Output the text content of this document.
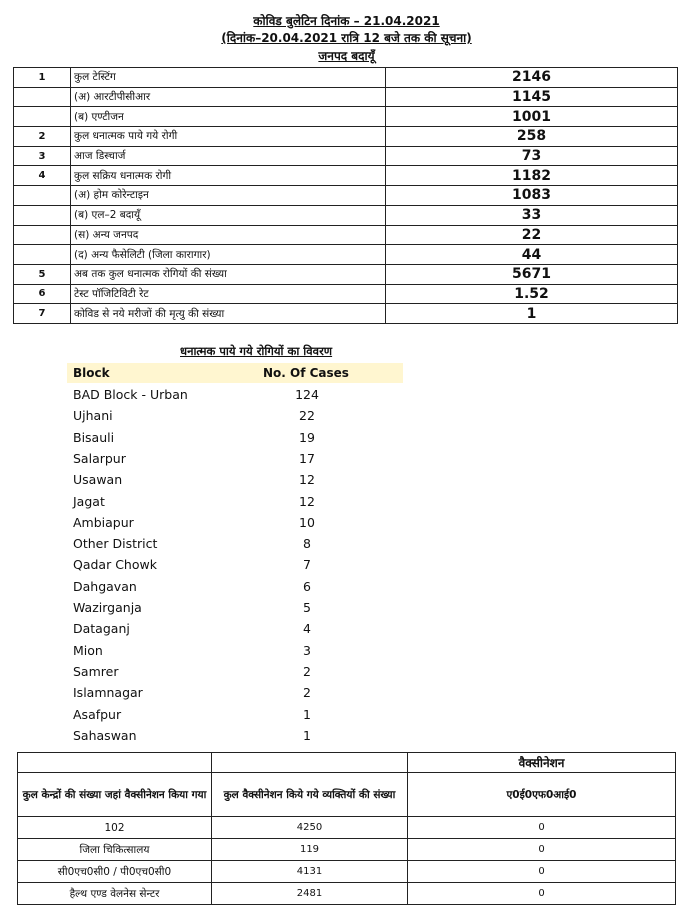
कोविड बुलेटिन दिनांक – 21.04.2021
(दिनांक–20.04.2021 रात्रि 12 बजे तक की सूचना)
जनपद बदायूँ
1	कुल टेस्टिंग	2146
	(अ) आरटीपीसीआर	1145
	(ब) एण्टीजन	1001
2	कुल धनात्मक पाये गये रोगी	258
3	आज डिस्चार्ज	73
4	कुल सक्रिय धनात्मक रोगी	1182
	(अ) होम कोरेन्टाइन	1083
	(ब) एल–2 बदायूँ	33
	(स) अन्य जनपद	22
	(द) अन्य फैसेलिटी (जिला कारागार)	44
5	अब तक कुल धनात्मक रोगियों की संख्या	5671
6	टेस्ट पॉजिटिविटी रेट	1.52
7	कोविड से नये मरीजों की मृत्यु की संख्या	1
धनात्मक पाये गये रोगियों का विवरण
Block	No. Of Cases
BAD Block - Urban	124
Ujhani	22
Bisauli	19
Salarpur	17
Usawan	12
Jagat	12
Ambiapur	10
Other District	8
Qadar Chowk	7
Dahgavan	6
Wazirganja	5
Dataganj	4
Mion	3
Samrer	2
Islamnagar	2
Asafpur	1
Sahaswan	1
		वैक्सीनेशन
कुल केन्द्रों की संख्या जहां वैक्सीनेशन किया गया	कुल वैक्सीनेशन किये गये व्यक्तियों की संख्या	ए0ई0एफ0आई0
102	4250	0
जिला चिकित्सालय	119	0
सी0एच0सी0 / पी0एच0सी0	4131	0
हैल्थ एण्ड वेलनेस सेन्टर	2481	0
